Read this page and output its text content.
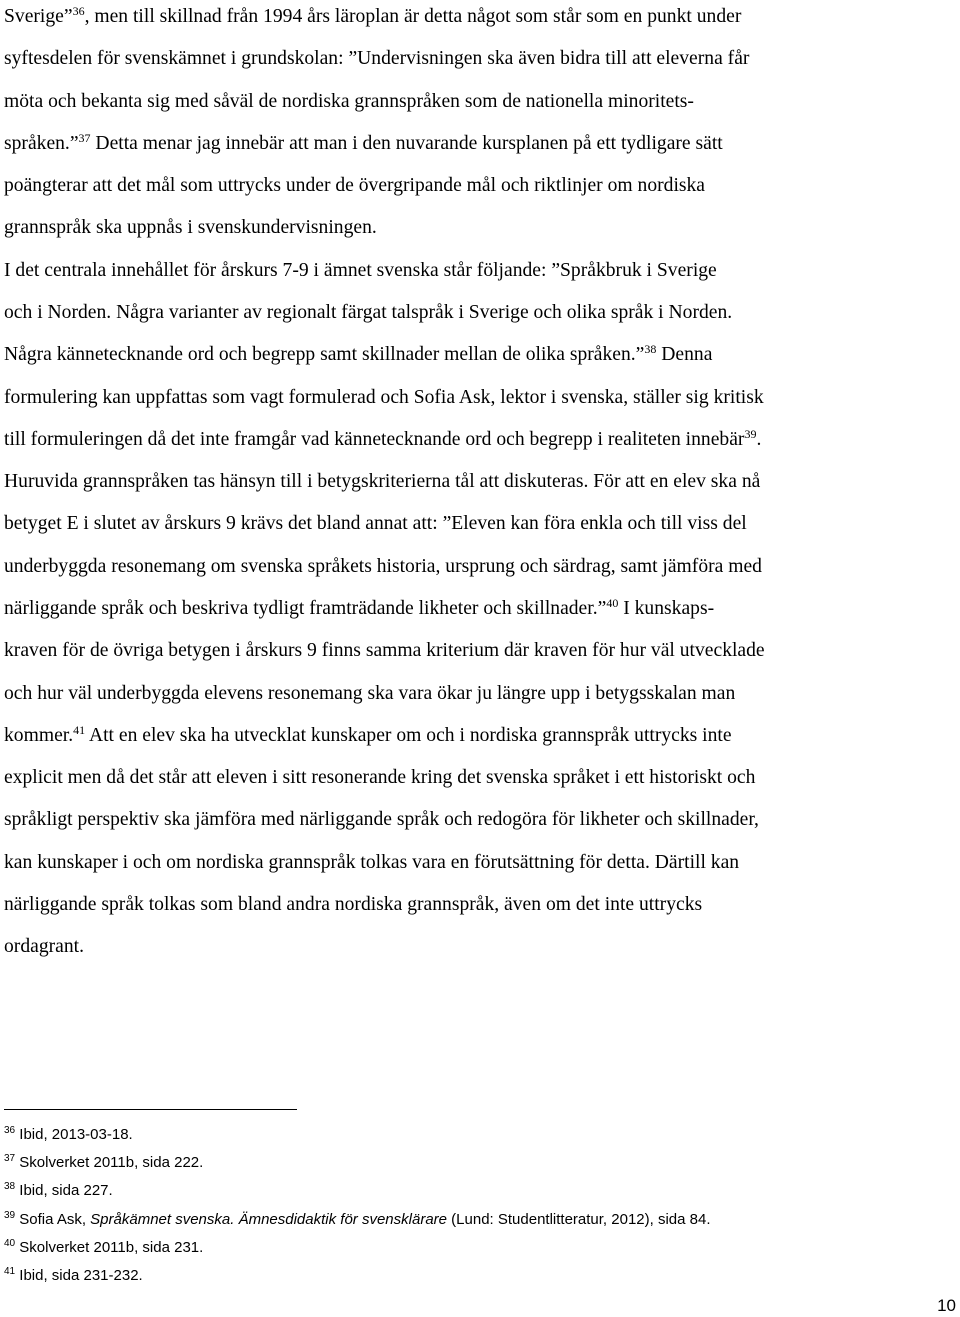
Sverige”$^{36}$, men till skillnad från 1994 års läroplan är detta något som står som en punkt under
syftesdelen för svenskämnet i grundskolan: ”Undervisningen ska även bidra till att eleverna får
möta och bekanta sig med såväl de nordiska grannspråken som de nationella minoritets-
språken.”$^{37}$ Detta menar jag innebär att man i den nuvarande kursplanen på ett tydligare sätt
poängterar att det mål som uttrycks under de övergripande mål och riktlinjer om nordiska
grannspråk ska uppnås i svenskundervisningen.
I det centrala innehållet för årskurs 7-9 i ämnet svenska står följande: ”Språkbruk i Sverige
och i Norden. Några varianter av regionalt färgat talspråk i Sverige och olika språk i Norden.
Några kännetecknande ord och begrepp samt skillnader mellan de olika språken.”$^{38}$ Denna
formulering kan uppfattas som vagt formulerad och Sofia Ask, lektor i svenska, ställer sig kritisk
till formuleringen då det inte framgår vad kännetecknande ord och begrepp i realiteten innebär$^{39}$.
Huruvida grannspråken tas hänsyn till i betygskriterierna tål att diskuteras. För att en elev ska nå
betyget E i slutet av årskurs 9 krävs det bland annat att: ”Eleven kan föra enkla och till viss del
underbyggda resonemang om svenska språkets historia, ursprung och särdrag, samt jämföra med
närliggande språk och beskriva tydligt framträdande likheter och skillnader.”$^{40}$ I kunskaps-
kraven för de övriga betygen i årskurs 9 finns samma kriterium där kraven för hur väl utvecklade
och hur väl underbyggda elevens resonemang ska vara ökar ju längre upp i betygsskalan man
kommer.$^{41}$ Att en elev ska ha utvecklat kunskaper om och i nordiska grannspråk uttrycks inte
explicit men då det står att eleven i sitt resonerande kring det svenska språket i ett historiskt och
språkligt perspektiv ska jämföra med närliggande språk och redogöra för likheter och skillnader,
kan kunskaper i och om nordiska grannspråk tolkas vara en förutsättning för detta. Därtill kan
närliggande språk tolkas som bland andra nordiska grannspråk, även om det inte uttrycks
ordagrant.
$^{36}$ Ibid, 2013-03-18.
$^{37}$ Skolverket 2011b, sida 222.
$^{38}$ Ibid, sida 227.
$^{39}$ Sofia Ask, Språkämnet svenska. Ämnesdidaktik för svensklärare (Lund: Studentlitteratur, 2012), sida 84.
$^{40}$ Skolverket 2011b, sida 231.
$^{41}$ Ibid, sida 231-232.
10
